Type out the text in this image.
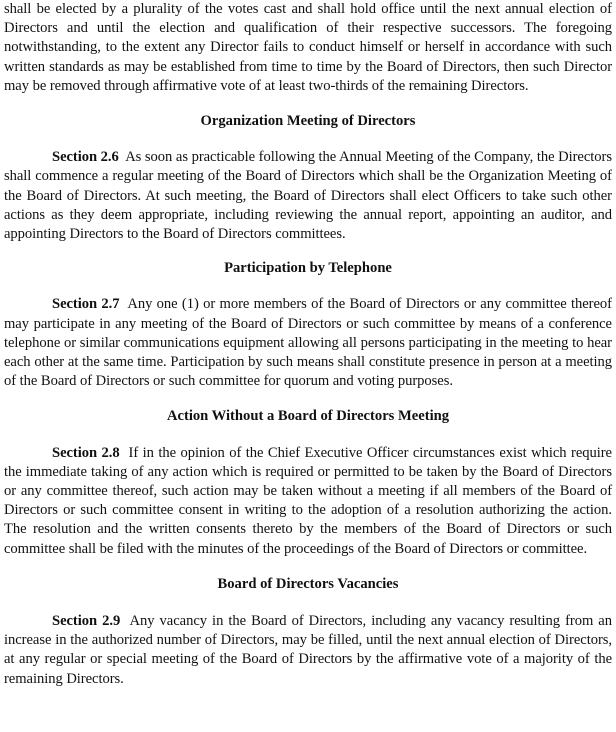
shall be elected by a plurality of the votes cast and shall hold office until the next annual election of Directors and until the election and qualification of their respective successors. The foregoing notwithstanding, to the extent any Director fails to conduct himself or herself in accordance with such written standards as may be established from time to time by the Board of Directors, then such Director may be removed through affirmative vote of at least two-thirds of the remaining Directors.

Organization Meeting of Directors

Section 2.6 As soon as practicable following the Annual Meeting of the Company, the Directors shall commence a regular meeting of the Board of Directors which shall be the Organization Meeting of the Board of Directors. At such meeting, the Board of Directors shall elect Officers to take such other actions as they deem appropriate, including reviewing the annual report, appointing an auditor, and appointing Directors to the Board of Directors committees.

Participation by Telephone

Section 2.7 Any one (1) or more members of the Board of Directors or any committee thereof may participate in any meeting of the Board of Directors or such committee by means of a conference telephone or similar communications equipment allowing all persons participating in the meeting to hear each other at the same time. Participation by such means shall constitute presence in person at a meeting of the Board of Directors or such committee for quorum and voting purposes.

Action Without a Board of Directors Meeting

Section 2.8 If in the opinion of the Chief Executive Officer circumstances exist which require the immediate taking of any action which is required or permitted to be taken by the Board of Directors or any committee thereof, such action may be taken without a meeting if all members of the Board of Directors or such committee consent in writing to the adoption of a resolution authorizing the action. The resolution and the written consents thereto by the members of the Board of Directors or such committee shall be filed with the minutes of the proceedings of the Board of Directors or committee.

Board of Directors Vacancies

Section 2.9 Any vacancy in the Board of Directors, including any vacancy resulting from an increase in the authorized number of Directors, may be filled, until the next annual election of Directors, at any regular or special meeting of the Board of Directors by the affirmative vote of a majority of the remaining Directors.
